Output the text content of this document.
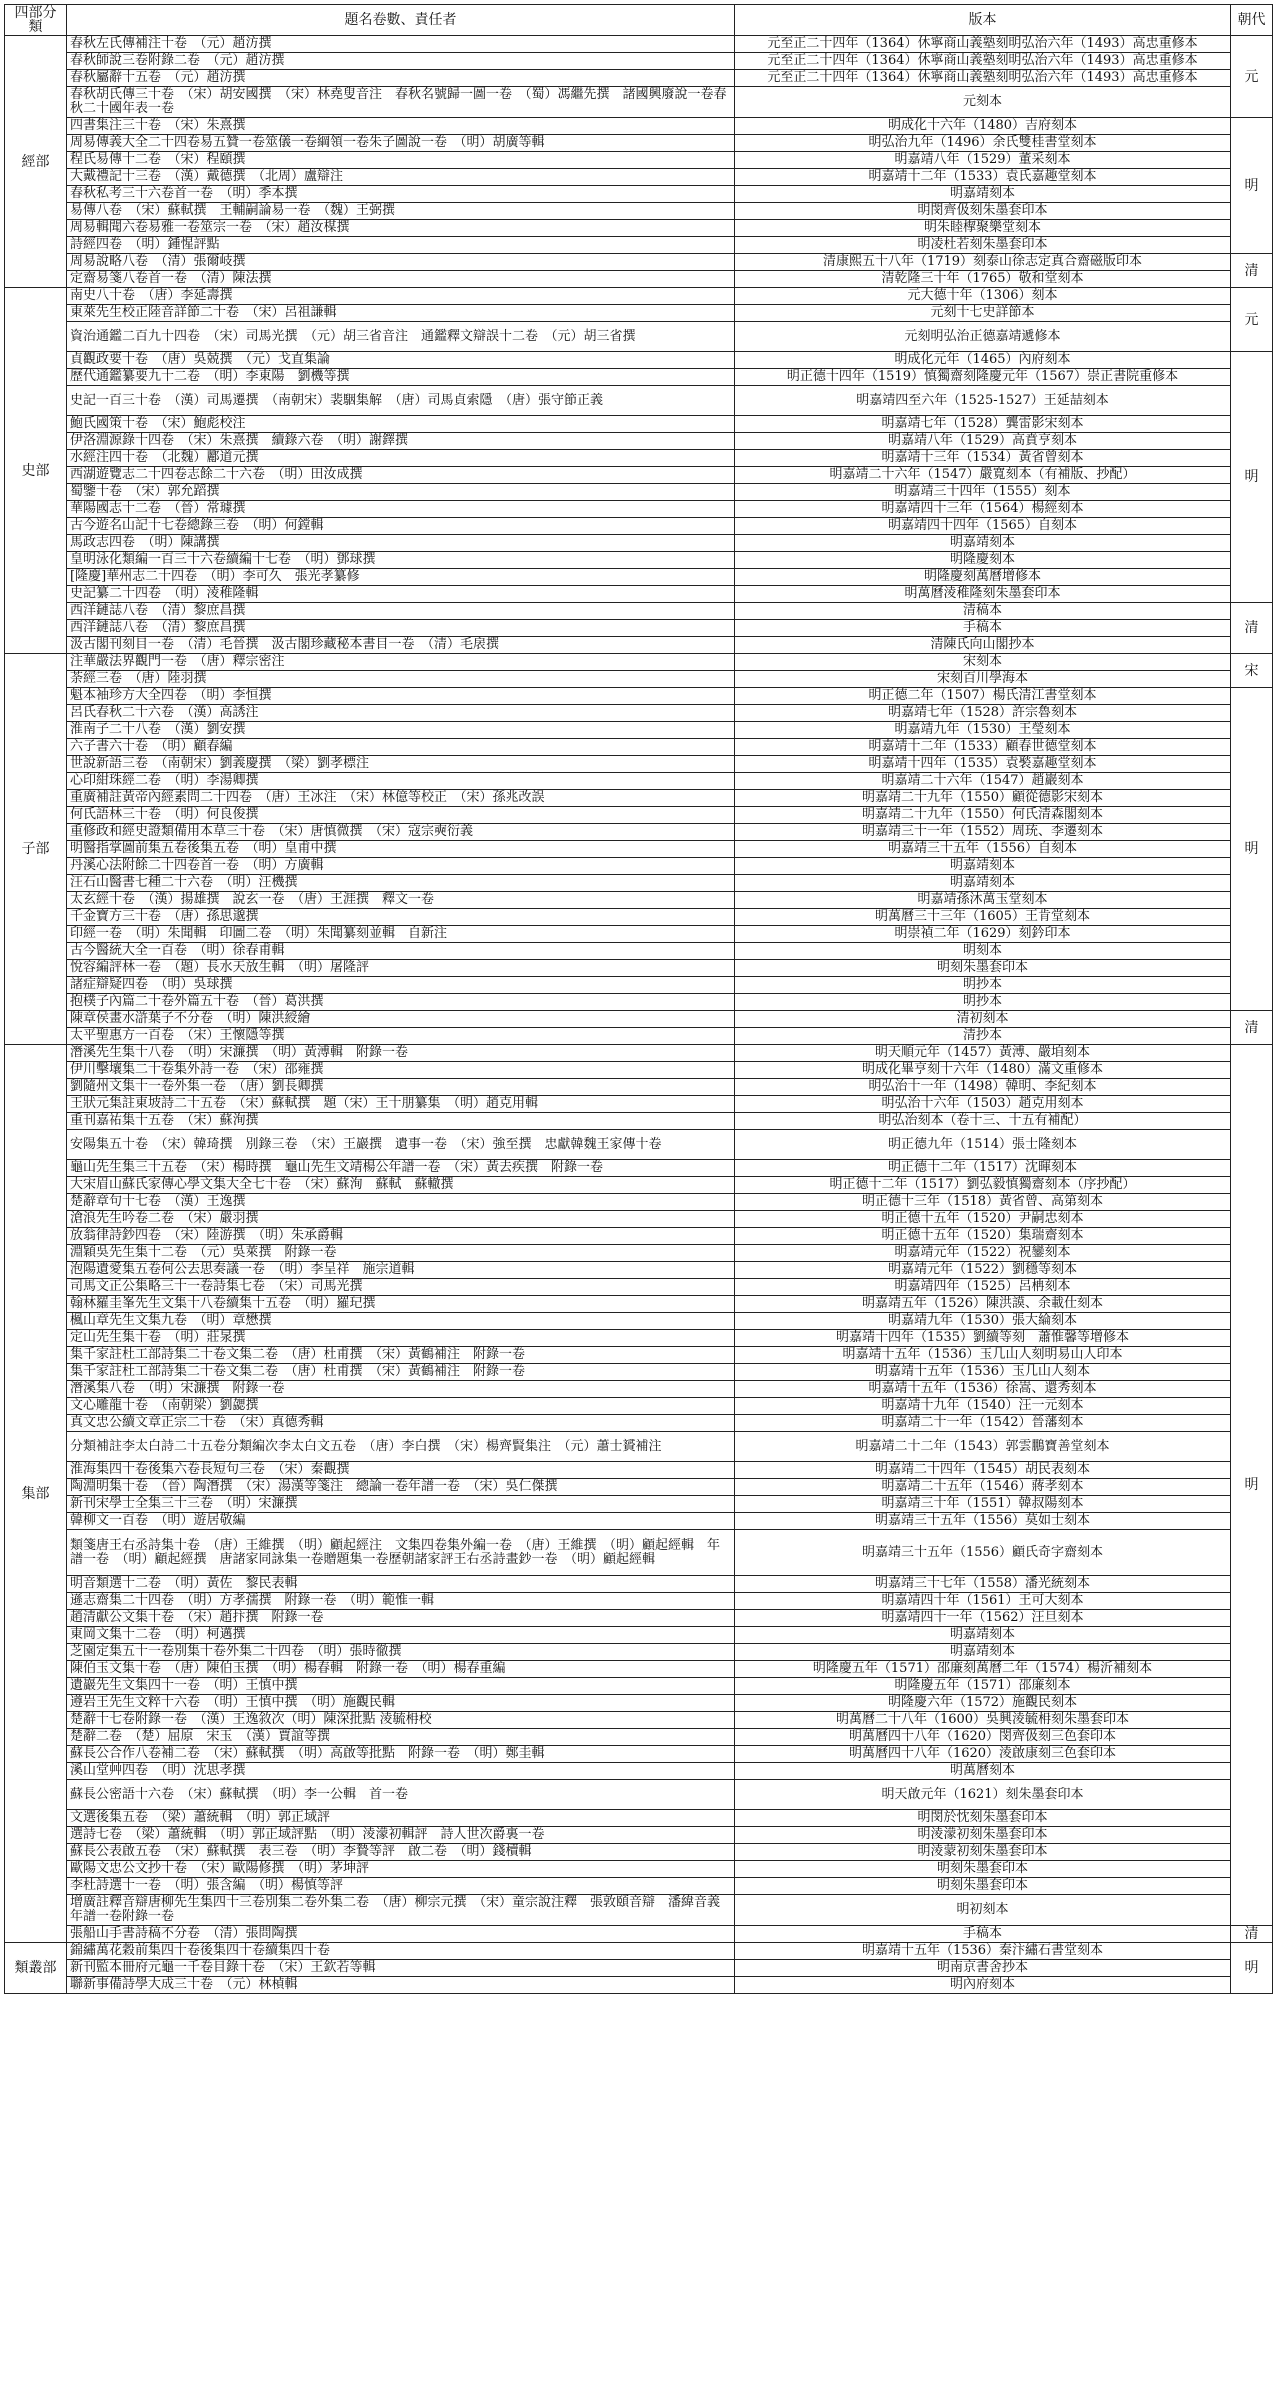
四部分類	題名卷數、責任者	版本	朝代
經部	春秋左氏傳補注十卷　（元）趙汸撰	元至正二十四年（1364）休寧商山義塾刻明弘治六年（1493）高忠重修本	元
	春秋師說三卷附錄二卷　（元）趙汸撰	元至正二十四年（1364）休寧商山義塾刻明弘治六年（1493）高忠重修本	
	春秋屬辭十五卷　（元）趙汸撰	元至正二十四年（1364）休寧商山義塾刻明弘治六年（1493）高忠重修本	
	春秋胡氏傳三十卷　（宋）胡安國撰　（宋）林堯叟音注　春秋名號歸一圖一卷　（蜀）馮繼先撰　諸國興廢說一卷春秋二十國年表一卷	元刻本	
	四書集注三十卷　（宋）朱熹撰	明成化十六年（1480）吉府刻本	明
	周易傳義大全二十四卷易五贊一卷筮儀一卷綱領一卷朱子圖說一卷　（明）胡廣等輯	明弘治九年（1496）余氏雙桂書堂刻本	
	程氏易傳十二卷　（宋）程頤撰	明嘉靖八年（1529）董采刻本	
	大戴禮記十三卷　（漢）戴德撰　（北周）盧辯注	明嘉靖十二年（1533）袁氏嘉趣堂刻本	
	春秋私考三十六卷首一卷　（明）季本撰	明嘉靖刻本	
	易傳八卷　（宋）蘇軾撰　王輔嗣論易一卷　（魏）王弼撰	明閔齊伋刻朱墨套印本	
	周易輯聞六卷易雅一卷筮宗一卷　（宋）趙汝楳撰	明朱睦㮮聚樂堂刻本	
	詩經四卷　（明）鍾惺評點	明凌杜若刻朱墨套印本	
	周易說略八卷　（清）張爾岐撰	清康熙五十八年（1719）刻泰山徐志定真合齋磁版印本	清
	定齋易箋八卷首一卷　（清）陳法撰	清乾隆三十年（1765）敬和堂刻本	
史部	南史八十卷　（唐）李延壽撰	元大德十年（1306）刻本	元
	東萊先生校正陸音詳節二十卷　（宋）呂祖謙輯	元刻十七史詳節本	
	資治通鑑二百九十四卷　（宋）司馬光撰　（元）胡三省音注　通鑑釋文辯誤十二卷　（元）胡三省撰	元刻明弘治正德嘉靖遞修本	
	貞觀政要十卷　（唐）吳兢撰　（元）戈直集論	明成化元年（1465）內府刻本	明
	歷代通鑑纂要九十二卷　（明）李東陽　劉機等撰	明正德十四年（1519）慎獨齋刻隆慶元年（1567）崇正書院重修本	
	史記一百三十卷　（漢）司馬遷撰　（南朝宋）裴駰集解　（唐）司馬貞索隱　（唐）張守節正義	明嘉靖四至六年（1525-1527）王延喆刻本	
	鮑氏國策十卷　（宋）鮑彪校注	明嘉靖七年（1528）龔雷影宋刻本	
	伊洛淵源錄十四卷　（宋）朱熹撰　續錄六卷　（明）謝鐸撰	明嘉靖八年（1529）高賁亨刻本	
	水經注四十卷　（北魏）酈道元撰	明嘉靖十三年（1534）黃省曾刻本	
	西湖遊覽志二十四卷志餘二十六卷　（明）田汝成撰	明嘉靖二十六年（1547）嚴寬刻本（有補版、抄配）	
	蜀鑒十卷　（宋）郭允蹈撰	明嘉靖三十四年（1555）刻本	
	華陽國志十二卷　（晉）常璩撰	明嘉靖四十三年（1564）楊經刻本	
	古今遊名山記十七卷總錄三卷　（明）何鏜輯	明嘉靖四十四年（1565）自刻本	
	馬政志四卷　（明）陳講撰	明嘉靖刻本	
	皇明泳化類編一百三十六卷續編十七卷　（明）鄧球撰	明隆慶刻本	
	[隆慶]華州志二十四卷　（明）李可久　張光孝纂修	明隆慶刻萬曆增修本	
	史記纂二十四卷　（明）淩稚隆輯	明萬曆淩稚隆刻朱墨套印本	
	西洋鏈誌八卷　（清）黎庶昌撰	清稿本	清
	西洋鏈誌八卷　（清）黎庶昌撰	手稿本	
	汲古閣刊刻目一卷　（清）毛晉撰　汲古閣珍藏秘本書目一卷　（清）毛扆撰	清陳氏向山閣抄本	
子部	注華嚴法界觀門一卷　（唐）釋宗密注	宋刻本	宋
	荼經三卷　（唐）陸羽撰	宋刻百川學海本	
	魁本袖珍方大全四卷　（明）李恒撰	明正德二年（1507）楊氏清江書堂刻本	明
	呂氏春秋二十六卷　（漢）高誘注	明嘉靖七年（1528）許宗魯刻本	
	淮南子二十八卷　（漢）劉安撰	明嘉靖九年（1530）王瑩刻本	
	六子書六十卷　（明）顧春編	明嘉靖十二年（1533）顧春世德堂刻本	
	世說新語三卷　（南朝宋）劉義慶撰　（梁）劉孝標注	明嘉靖十四年（1535）袁褧嘉趣堂刻本	
	心印紺珠經二卷　（明）李湯卿撰	明嘉靖二十六年（1547）趙巖刻本	
	重廣補註黃帝內經素問二十四卷　（唐）王冰注　（宋）林億等校正　（宋）孫兆改誤	明嘉靖二十九年（1550）顧從德影宋刻本	
	何氏語林三十卷　（明）何良俊撰	明嘉靖二十九年（1550）何氏清森閣刻本	
	重修政和經史證類備用本草三十卷　（宋）唐慎微撰　（宋）寇宗奭衍義	明嘉靖三十一年（1552）周珫、李遷刻本	
	明醫指掌圖前集五卷後集五卷　（明）皇甫中撰	明嘉靖三十五年（1556）自刻本	
	丹溪心法附餘二十四卷首一卷　（明）方廣輯	明嘉靖刻本	
	汪石山醫書七種二十六卷　（明）汪機撰	明嘉靖刻本	
	太玄經十卷　（漢）揚雄撰　說玄一卷　（唐）王涯撰　釋文一卷	明嘉靖孫沐萬玉堂刻本	
	千金寶方三十卷　（唐）孫思邈撰	明萬曆三十三年（1605）王肯堂刻本	
	印經一卷　（明）朱聞輯　印圖二卷　（明）朱聞纂刻並輯　自新注	明崇禎二年（1629）刻鈐印本	
	古今醫統大全一百卷　（明）徐春甫輯	明刻本	
	悅容編評林一卷　（題）長水天放生輯　（明）屠隆評	明刻朱墨套印本	
	諸症辯疑四卷　（明）吳球撰	明抄本	
	抱樸子內篇二十卷外篇五十卷　（晉）葛洪撰	明抄本	
	陳章侯畫水滸葉子不分卷　（明）陳洪綬繪	清初刻本	清
	太平聖惠方一百卷　（宋）王懷隱等撰	清抄本	
集部	潛溪先生集十八卷　（明）宋濂撰　（明）黃溥輯　附錄一卷	明天順元年（1457）黃溥、嚴垍刻本	明
	伊川擊壤集二十卷集外詩一卷　（宋）邵雍撰	明成化畢亨刻十六年（1480）滿文重修本	
	劉隨州文集十一卷外集一卷　（唐）劉長卿撰	明弘治十一年（1498）韓明、李紀刻本	
	王狀元集註東坡詩二十五卷　（宋）蘇軾撰　題（宋）王十朋纂集　（明）趙克用輯	明弘治十六年（1503）趙克用刻本	
	重刊嘉祐集十五卷　（宋）蘇洵撰	明弘治刻本（卷十三、十五有補配）	
	安陽集五十卷　（宋）韓琦撰　別錄三卷　（宋）王巖撰　遺事一卷　（宋）強至撰　忠獻韓魏王家傳十卷	明正德九年（1514）張士隆刻本	
	龜山先生集三十五卷　（宋）楊時撰　龜山先生文靖楊公年譜一卷　（宋）黃去疾撰　附錄一卷	明正德十二年（1517）沈暉刻本	
	大宋眉山蘇氏家傳心學文集大全七十卷　（宋）蘇洵　蘇軾　蘇轍撰	明正德十二年（1517）劉弘毅慎獨齋刻本（序抄配）	
	楚辭章句十七卷　（漢）王逸撰	明正德十三年（1518）黃省曾、高第刻本	
	滄浪先生吟卷二卷　（宋）嚴羽撰	明正德十五年（1520）尹嗣忠刻本	
	放翁律詩鈔四卷　（宋）陸游撰　（明）朱承爵輯	明正德十五年（1520）集瑞齋刻本	
	淵穎吳先生集十二卷　（元）吳萊撰　附錄一卷	明嘉靖元年（1522）祝鑾刻本	
	泡陽遺愛集五卷何公去思奏議一卷　（明）李呈祥　施宗道輯	明嘉靖元年（1522）劉穩等刻本	
	司馬文正公集略三十一卷詩集七卷　（宋）司馬光撰	明嘉靖四年（1525）呂柟刻本	
	翰林羅圭峯先生文集十八卷續集十五卷　（明）羅玘撰	明嘉靖五年（1526）陳洪謨、余載仕刻本	
	楓山章先生文集九卷　（明）章懋撰	明嘉靖九年（1530）張大綸刻本	
	定山先生集十卷　（明）莊㫤撰	明嘉靖十四年（1535）劉續等刻　蕭惟馨等增修本	
	集千家註杜工部詩集二十卷文集二卷　（唐）杜甫撰　（宋）黃鶴補注　附錄一卷	明嘉靖十五年（1536）玉几山人刻明易山人印本	
	集千家註杜工部詩集二十卷文集二卷　（唐）杜甫撰　（宋）黃鶴補注　附錄一卷	明嘉靖十五年（1536）玉几山人刻本	
	潛溪集八卷　（明）宋濂撰　附錄一卷	明嘉靖十五年（1536）徐嵩、還秀刻本	
	文心雕龍十卷　（南朝梁）劉勰撰	明嘉靖十九年（1540）汪一元刻本	
	真文忠公續文章正宗二十卷　（宋）真德秀輯	明嘉靖二十一年（1542）晉藩刻本	
	分類補註李太白詩二十五卷分類編次李太白文五卷　（唐）李白撰　（宋）楊齊賢集注　（元）蕭士贇補注	明嘉靖二十二年（1543）郭雲鵬寶善堂刻本	
	淮海集四十卷後集六卷長短句三卷　（宋）秦觀撰	明嘉靖二十四年（1545）胡民表刻本	
	陶淵明集十卷　（晉）陶潛撰　（宋）湯漢等箋注　總論一卷年譜一卷　（宋）吳仁傑撰	明嘉靖二十五年（1546）蔣孝刻本	
	新刊宋學士全集三十三卷　（明）宋濂撰	明嘉靖三十年（1551）韓叔陽刻本	
	韓柳文一百卷　（明）遊居敬編	明嘉靖三十五年（1556）莫如士刻本	
	類箋唐王右丞詩集十卷　（唐）王維撰　（明）顧起經注　文集四卷集外編一卷　（唐）王維撰　（明）顧起經輯　年譜一卷　（明）顧起經撰　唐諸家同詠集一卷贈題集一卷歷朝諸家評王右丞詩畫鈔一卷　（明）顧起經輯	明嘉靖三十五年（1556）顧氏奇字齋刻本	
	明音類選十二卷　（明）黃佐　黎民表輯	明嘉靖三十七年（1558）潘光統刻本	
	遜志齋集二十四卷　（明）方孝孺撰　附錄一卷　（明）範惟一輯	明嘉靖四十年（1561）王可大刻本	
	趙清獻公文集十卷　（宋）趙抃撰　附錄一卷	明嘉靖四十一年（1562）汪旦刻本	
	東岡文集十二卷　（明）柯邁撰	明嘉靖刻本	
	芝園定集五十一卷別集十卷外集二十四卷　（明）張時徹撰	明嘉靖刻本	
	陳伯玉文集十卷　（唐）陳伯玉撰　（明）楊春輯　附錄一卷　（明）楊春重編	明隆慶五年（1571）邵廉刻萬曆二年（1574）楊沂補刻本	
	遺巖先生文集四十一卷　（明）王慎中撰	明隆慶五年（1571）邵廉刻本	
	遵岩王先生文粹十六卷　（明）王慎中撰　（明）施觀民輯	明隆慶六年（1572）施觀民刻本	
	楚辭十七卷附錄一卷　（漢）王逸敘次（明）陳深批點 淩毓枏校	明萬曆二十八年（1600）吳興淩毓枏刻朱墨套印本	
	楚辭二卷　（楚）屈原　宋玉　（漢）賈誼等撰	明萬曆四十八年（1620）閔齊伋刻三色套印本	
	蘇長公合作八卷補二卷　（宋）蘇軾撰　（明）高啟等批點　附錄一卷　（明）鄭圭輯	明萬曆四十八年（1620）淩啟康刻三色套印本	
	溪山堂艸四卷　（明）沈思孝撰	明萬曆刻本	
	蘇長公密語十六卷　（宋）蘇軾撰　（明）李一公輯　首一卷	明天啟元年（1621）刻朱墨套印本	
	文選後集五卷　（梁）蕭統輯　（明）郭正域評	明閔於忱刻朱墨套印本	
	選詩七卷　（梁）蕭統輯　（明）郭正域評點　（明）淩濛初輯評　詩人世次爵裏一卷	明淩濛初刻朱墨套印本	
	蘇長公表啟五卷　（宋）蘇軾撰　表三卷　（明）李贄等評　啟二卷　（明）錢櫝輯	明淩蒙初刻朱墨套印本	
	歐陽文忠公文抄十卷　（宋）歐陽修撰　（明）茅坤評	明刻朱墨套印本	
	李杜詩選十一卷　（明）張含編　（明）楊慎等評	明刻朱墨套印本	
	增廣註釋音辯唐柳先生集四十三卷別集二卷外集二卷　（唐）柳宗元撰　（宋）童宗說注釋　張敦頤音辯　潘緯音義　年譜一卷附錄一卷	明初刻本	
	張船山手書詩稿不分卷　（清）張問陶撰	手稿本	清
類叢部	錦繡萬花穀前集四十卷後集四十卷續集四十卷	明嘉靖十五年（1536）秦汴繡石書堂刻本	明
	新刊監本冊府元龜一千卷目錄十卷　（宋）王欽若等輯	明南京書舍抄本	
	聯新事備詩學大成三十卷　（元）林楨輯	明內府刻本	
